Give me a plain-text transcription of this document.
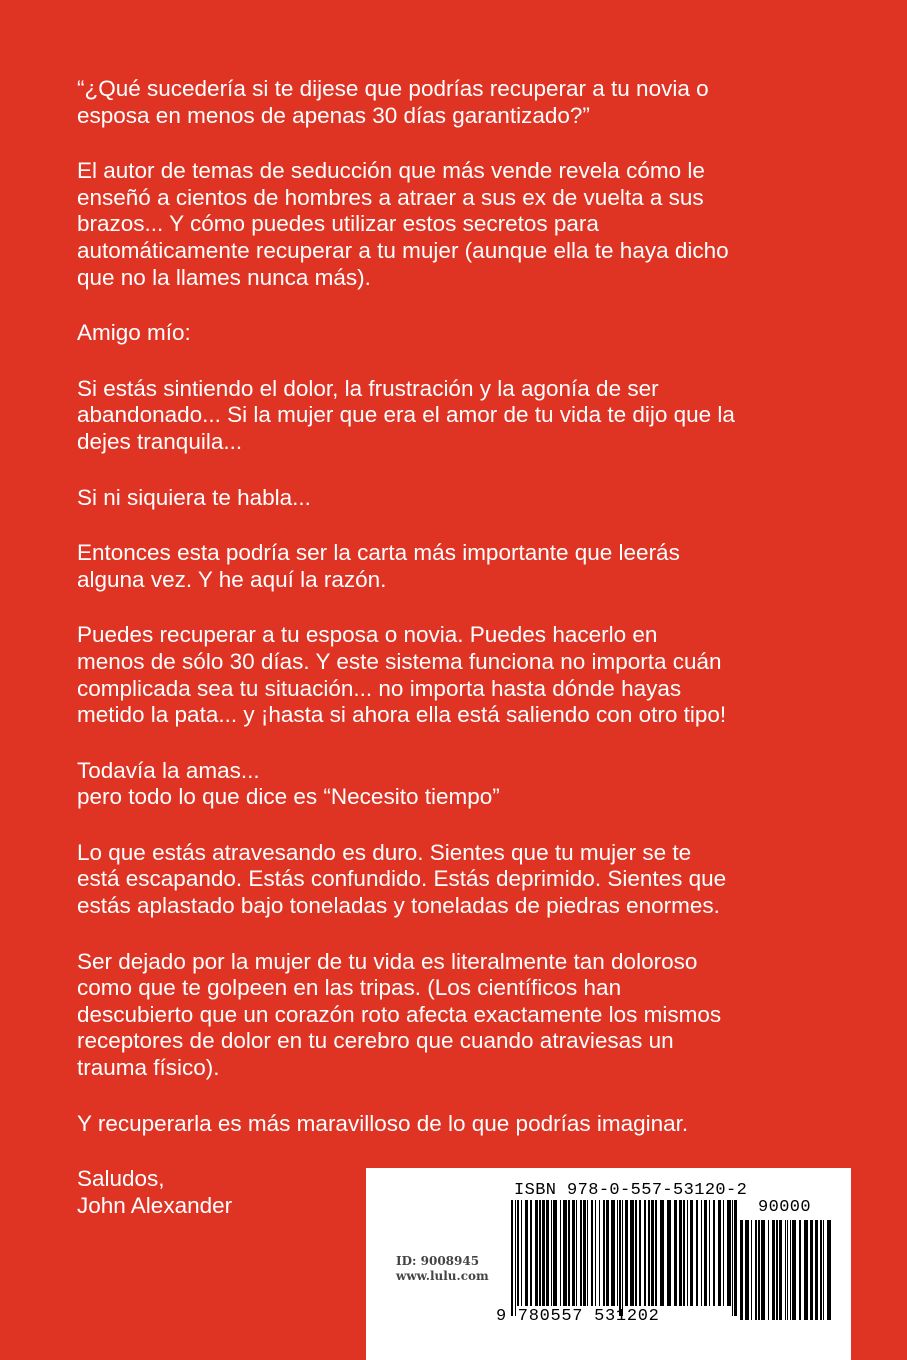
“¿Qué sucedería si te dijese que podrías recuperar a tu novia o
esposa en menos de apenas 30 días garantizado?”

El autor de temas de seducción que más vende revela cómo le
enseñó a cientos de hombres a atraer a sus ex de vuelta a sus
brazos... Y cómo puedes utilizar estos secretos para
automáticamente recuperar a tu mujer (aunque ella te haya dicho
que no la llames nunca más).

Amigo mío:

Si estás sintiendo el dolor, la frustración y la agonía de ser
abandonado... Si la mujer que era el amor de tu vida te dijo que la
dejes tranquila...

Si ni siquiera te habla...

Entonces esta podría ser la carta más importante que leerás
alguna vez. Y he aquí la razón.

Puedes recuperar a tu esposa o novia. Puedes hacerlo en
menos de sólo 30 días. Y este sistema funciona no importa cuán
complicada sea tu situación... no importa hasta dónde hayas
metido la pata... y ¡hasta si ahora ella está saliendo con otro tipo!

Todavía la amas...
pero todo lo que dice es “Necesito tiempo”

Lo que estás atravesando es duro. Sientes que tu mujer se te
está escapando. Estás confundido. Estás deprimido. Sientes que
estás aplastado bajo toneladas y toneladas de piedras enormes.

Ser dejado por la mujer de tu vida es literalmente tan doloroso
como que te golpeen en las tripas. (Los científicos han
descubierto que un corazón roto afecta exactamente los mismos
receptores de dolor en tu cerebro que cuando atraviesas un
trauma físico).

Y recuperarla es más maravilloso de lo que podrías imaginar.

Saludos,
John Alexander

ISBN 978-0-557-53120-2
90000
ID: 9008945
www.lulu.com
9 780557 531202
